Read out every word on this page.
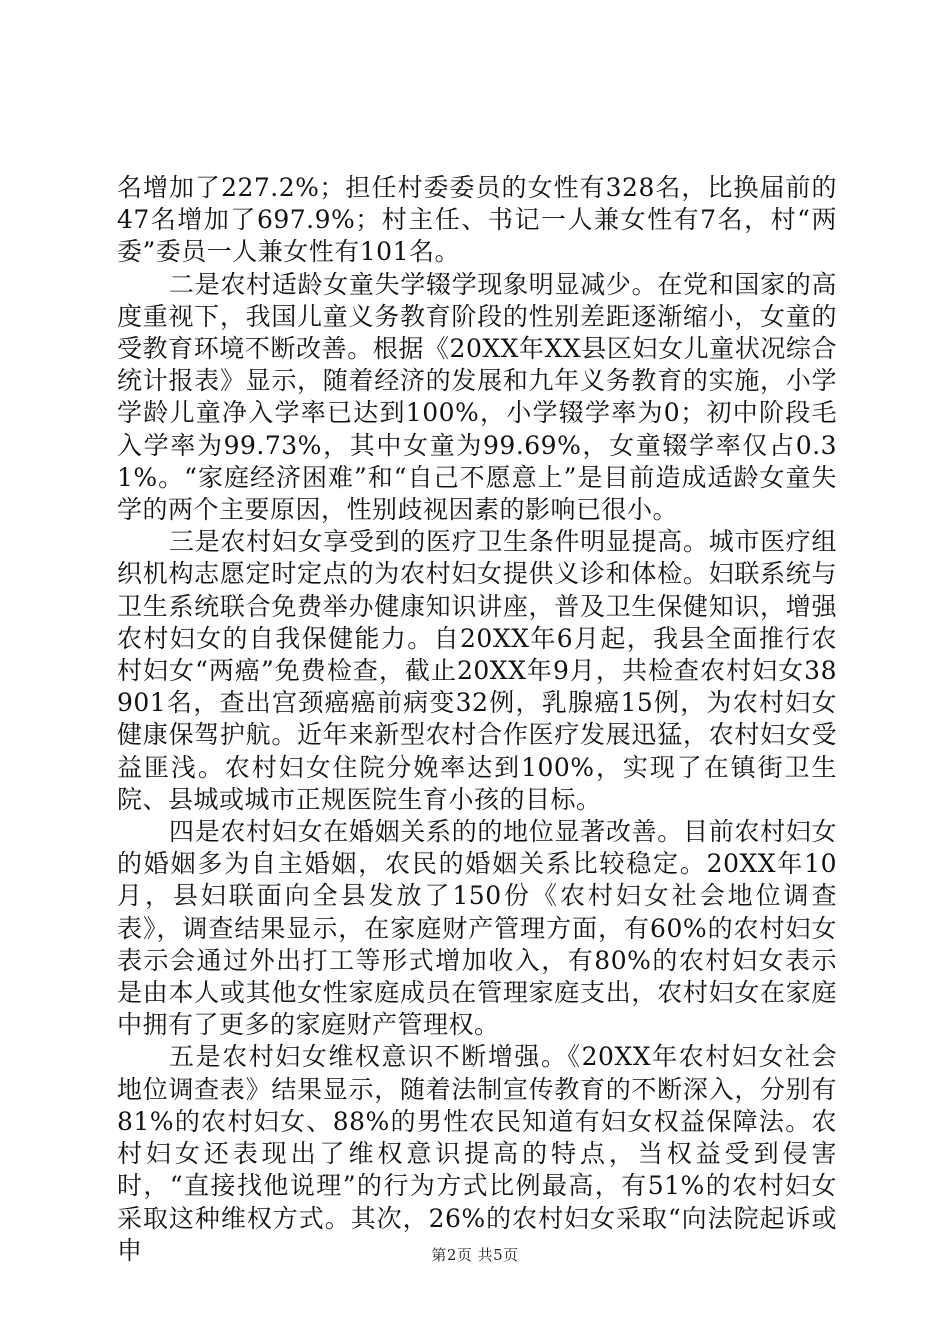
名增加了227.2%；担任村委委员的女性有328名，比换届前的47名增加了697.9%；村主任、书记一人兼女性有7名，村“两委”委员一人兼女性有101名。

二是农村适龄女童失学辍学现象明显减少。在党和国家的高度重视下，我国儿童义务教育阶段的性别差距逐渐缩小，女童的受教育环境不断改善。根据《20XX年XX县区妇女儿童状况综合统计报表》显示，随着经济的发展和九年义务教育的实施，小学学龄儿童净入学率已达到100%，小学辍学率为0；初中阶段毛入学率为99.73%，其中女童为99.69%，女童辍学率仅占0.31%。“家庭经济困难”和“自己不愿意上”是目前造成适龄女童失学的两个主要原因，性别歧视因素的影响已很小。

三是农村妇女享受到的医疗卫生条件明显提高。城市医疗组织机构志愿定时定点的为农村妇女提供义诊和体检。妇联系统与卫生系统联合免费举办健康知识讲座，普及卫生保健知识，增强农村妇女的自我保健能力。自20XX年6月起，我县全面推行农村妇女“两癌”免费检查，截止20XX年9月，共检查农村妇女38901名，查出宫颈癌癌前病变32例，乳腺癌15例，为农村妇女健康保驾护航。近年来新型农村合作医疗发展迅猛，农村妇女受益匪浅。农村妇女住院分娩率达到100%，实现了在镇街卫生院、县城或城市正规医院生育小孩的目标。

四是农村妇女在婚姻关系的的地位显著改善。目前农村妇女的婚姻多为自主婚姻，农民的婚姻关系比较稳定。20XX年10月，县妇联面向全县发放了150份《农村妇女社会地位调查表》，调查结果显示，在家庭财产管理方面，有60%的农村妇女表示会通过外出打工等形式增加收入，有80%的农村妇女表示是由本人或其他女性家庭成员在管理家庭支出，农村妇女在家庭中拥有了更多的家庭财产管理权。

五是农村妇女维权意识不断增强。《20XX年农村妇女社会地位调查表》结果显示，随着法制宣传教育的不断深入，分别有81%的农村妇女、88%的男性农民知道有妇女权益保障法。农村妇女还表现出了维权意识提高的特点，当权益受到侵害时，“直接找他说理”的行为方式比例最高，有51%的农村妇女采取这种维权方式。其次，26%的农村妇女采取“向法院起诉或申	第2页 共5页
